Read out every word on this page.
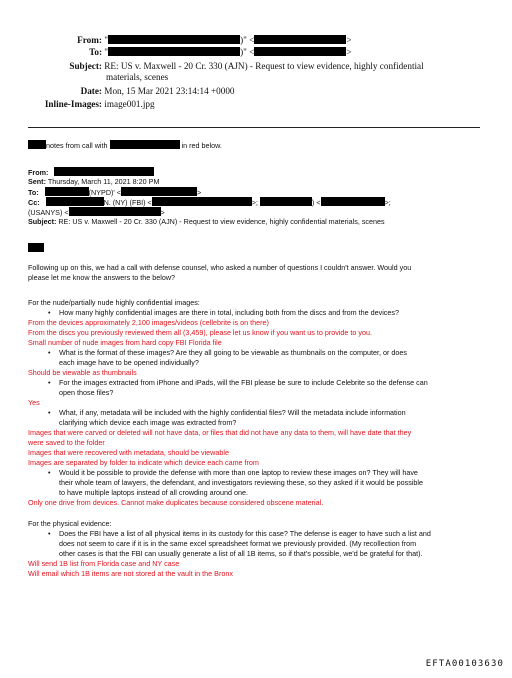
From: "	)" <	>
To: "	)" <	>
Subject: RE: US v. Maxwell - 20 Cr. 330 (AJN) - Request to view evidence, highly confidential
materials, scenes
Date: Mon, 15 Mar 2021 23:14:14 +0000
Inline-Images: image001.jpg
notes from call with	in red below.
From:
Sent: Thursday, March 11, 2021 8:20 PM
To:	(NYPD)' <	>
Cc:	N. (NY) (FBI) <	>;	) <	>;
(USANYS) <	>
Subject: RE: US v. Maxwell - 20 Cr. 330 (AJN) - Request to view evidence, highly confidential materials, scenes
Following up on this, we had a call with defense counsel, who asked a number of questions I couldn't answer. Would you
please let me know the answers to the below?
For the nude/partially nude highly confidential images:
• How many highly confidential images are there in total, including both from the discs and from the devices?
From the devices approximately 2,100 images/videos (cellebrite is on there)
From the discs you previously reviewed them all (3,459), please let us know if you want us to provide to you.
Small number of nude images from hard copy FBI Florida file
• What is the format of these images? Are they all going to be viewable as thumbnails on the computer, or does
each image have to be opened individually?
Should be viewable as thumbnails
• For the images extracted from iPhone and iPads, will the FBI please be sure to include Celebrite so the defense can
open those files?
Yes
• What, if any, metadata will be included with the highly confidential files? Will the metadata include information
clarifying which device each image was extracted from?
Images that were carved or deleted will not have data, or files that did not have any data to them, will have date that they
were saved to the folder
Images that were recovered with metadata, should be viewable
Images are separated by folder to indicate which device each came from
• Would it be possible to provide the defense with more than one laptop to review these images on? They will have
their whole team of lawyers, the defendant, and investigators reviewing these, so they asked if it would be possible
to have multiple laptops instead of all crowding around one.
Only one drive from devices. Cannot make duplicates because considered obscene material.
For the physical evidence:
• Does the FBI have a list of all physical items in its custody for this case? The defense is eager to have such a list and
does not seem to care if it is in the same excel spreadsheet format we previously provided. (My recollection from
other cases is that the FBI can usually generate a list of all 1B items, so if that's possible, we'd be grateful for that).
Will send 1B list from Florida case and NY case
Will email which 1B items are not stored at the vault in the Bronx
EFTA00103630
